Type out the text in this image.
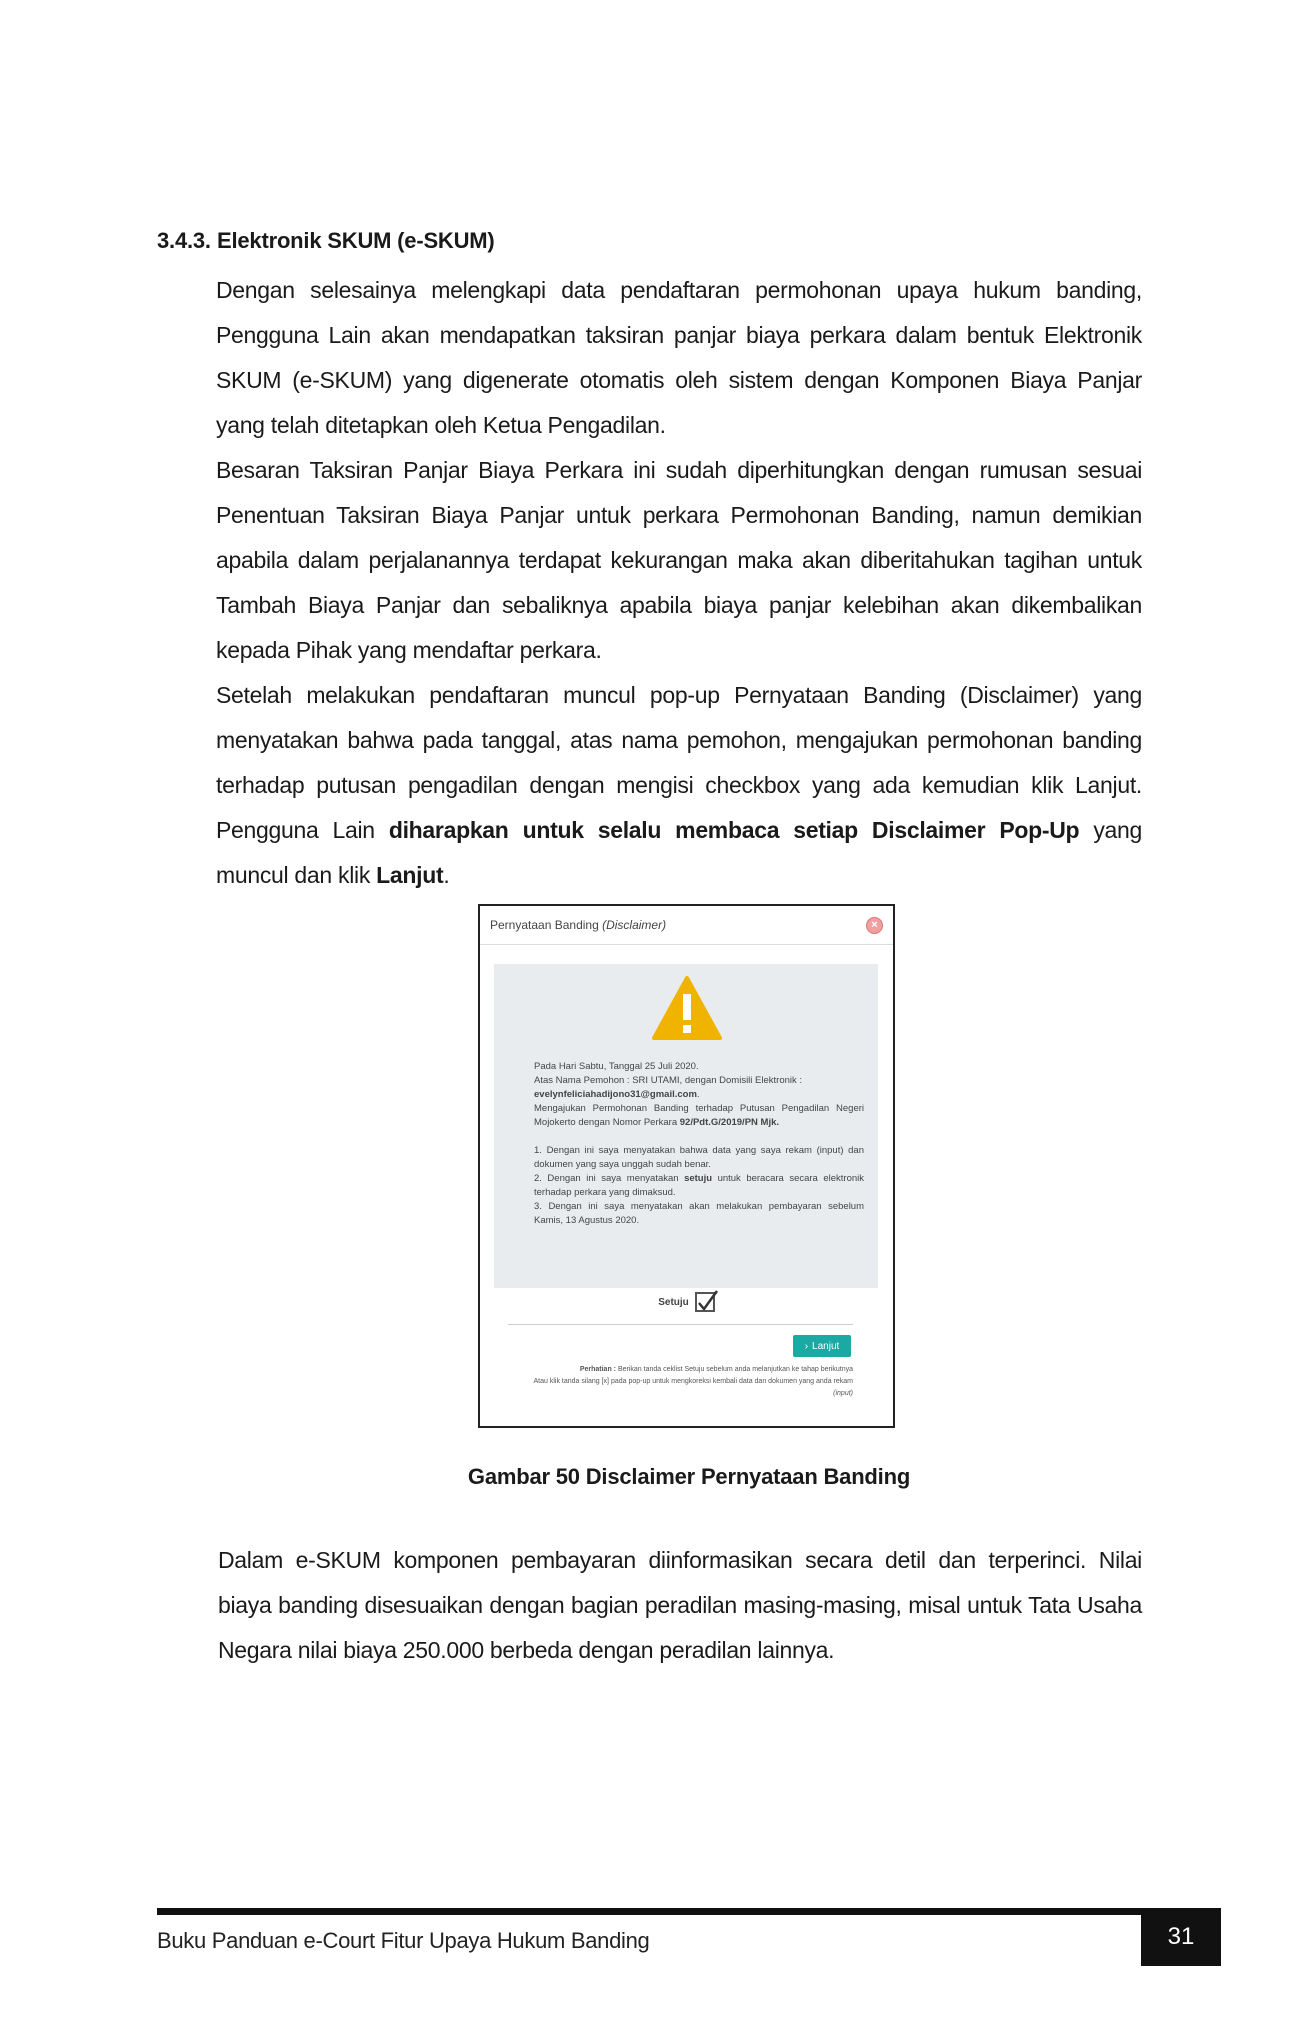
3.4.3. Elektronik SKUM (e-SKUM)

Dengan selesainya melengkapi data pendaftaran permohonan upaya hukum banding, Pengguna Lain akan mendapatkan taksiran panjar biaya perkara dalam bentuk Elektronik SKUM (e-SKUM) yang digenerate otomatis oleh sistem dengan Komponen Biaya Panjar yang telah ditetapkan oleh Ketua Pengadilan.

Besaran Taksiran Panjar Biaya Perkara ini sudah diperhitungkan dengan rumusan sesuai Penentuan Taksiran Biaya Panjar untuk perkara Permohonan Banding, namun demikian apabila dalam perjalanannya terdapat kekurangan maka akan diberitahukan tagihan untuk Tambah Biaya Panjar dan sebaliknya apabila biaya panjar kelebihan akan dikembalikan kepada Pihak yang mendaftar perkara.

Setelah melakukan pendaftaran muncul pop-up Pernyataan Banding (Disclaimer) yang menyatakan bahwa pada tanggal, atas nama pemohon, mengajukan permohonan banding terhadap putusan pengadilan dengan mengisi checkbox yang ada kemudian klik Lanjut. Pengguna Lain diharapkan untuk selalu membaca setiap Disclaimer Pop-Up yang muncul dan klik Lanjut.

Pernyataan Banding (Disclaimer)	×

Pada Hari Sabtu, Tanggal 25 Juli 2020.

Atas Nama Pemohon : SRI UTAMI, dengan Domisili Elektronik :

evelynfeliciahadijono31@gmail.com.

Mengajukan Permohonan Banding terhadap Putusan Pengadilan Negeri Mojokerto dengan Nomor Perkara 92/Pdt.G/2019/PN Mjk.

1. Dengan ini saya menyatakan bahwa data yang saya rekam (input) dan dokumen yang saya unggah sudah benar.

2. Dengan ini saya menyatakan setuju untuk beracara secara elektronik terhadap perkara yang dimaksud.

3. Dengan ini saya menyatakan akan melakukan pembayaran sebelum Kamis, 13 Agustus 2020.

Setuju
› Lanjut
Perhatian : Berikan tanda ceklist Setuju sebelum anda melanjutkan ke tahap berikutnya
Atau klik tanda silang [x] pada pop-up untuk mengkoreksi kembali data dan dokumen yang anda rekam
(input)
Gambar 50 Disclaimer Pernyataan Banding

Dalam e-SKUM komponen pembayaran diinformasikan secara detil dan terperinci. Nilai biaya banding disesuaikan dengan bagian peradilan masing-masing, misal untuk Tata Usaha Negara nilai biaya 250.000 berbeda dengan peradilan lainnya.

Buku Panduan e-Court Fitur Upaya Hukum Banding	31
